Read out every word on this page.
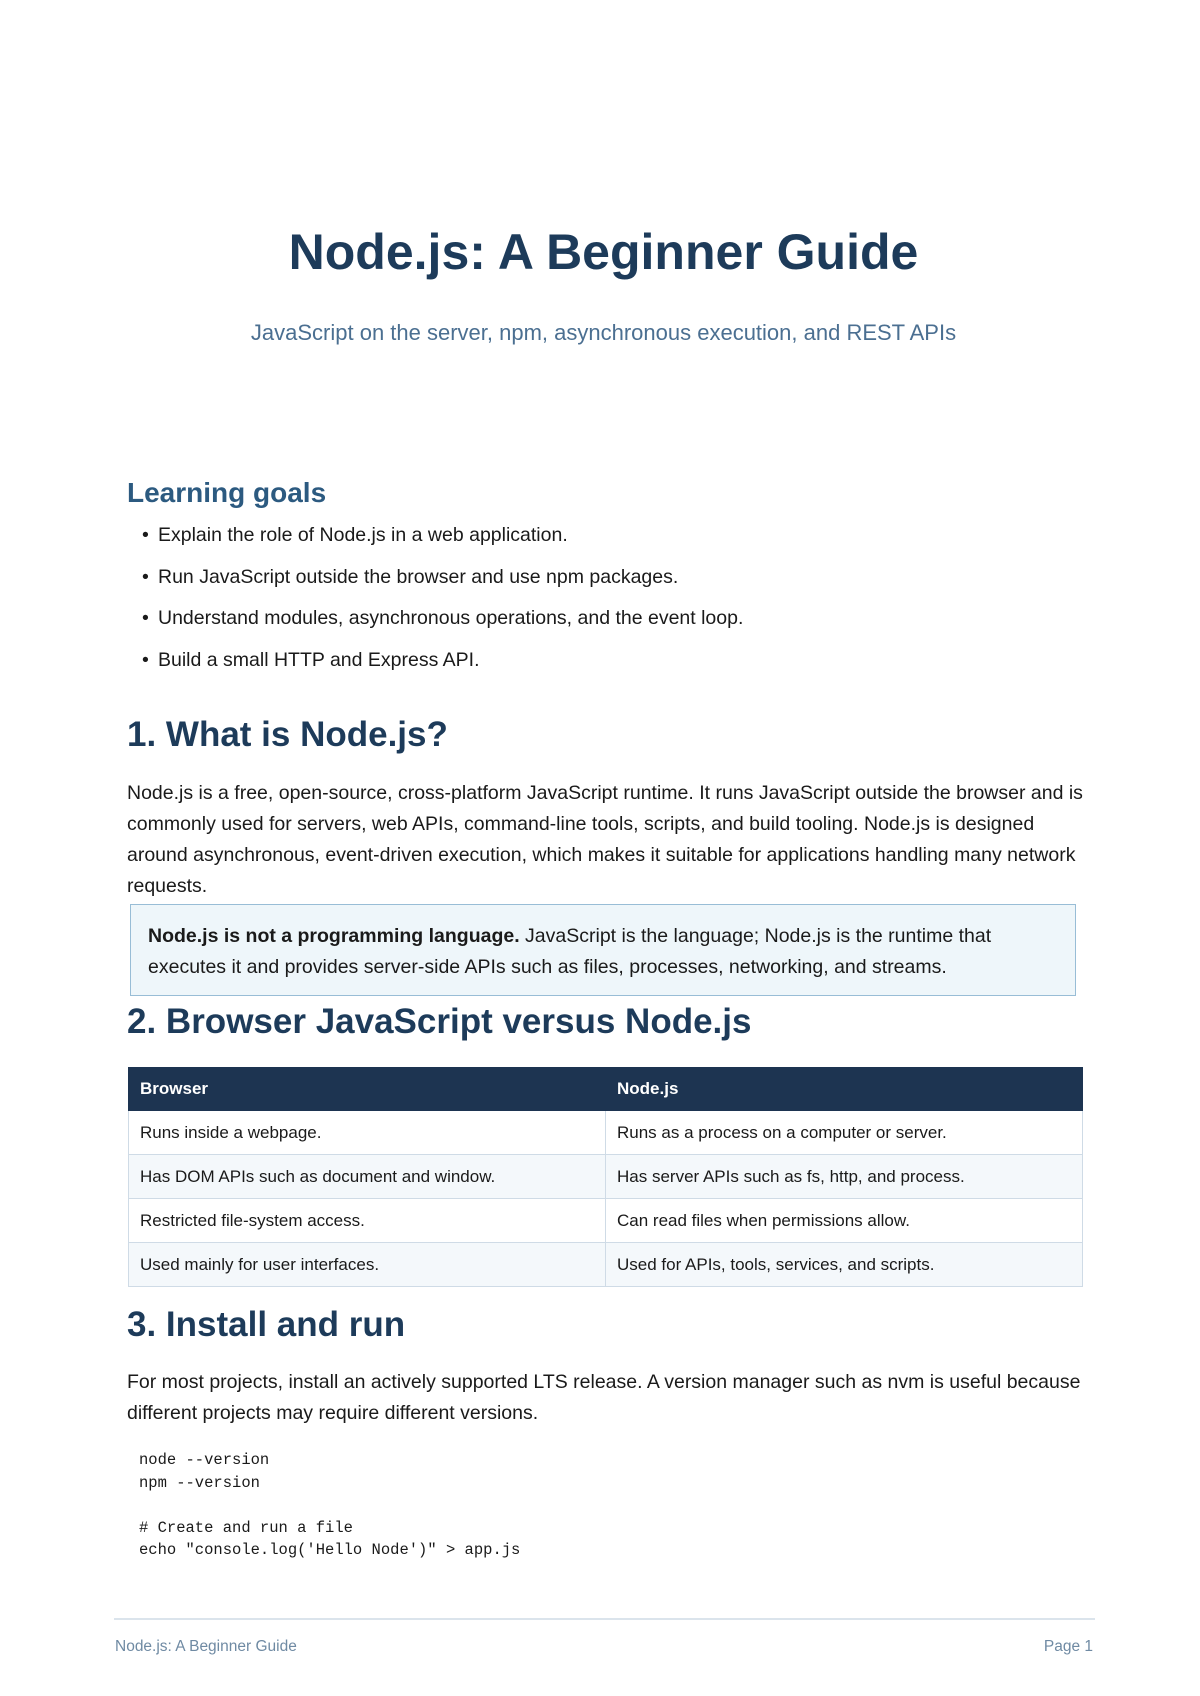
Node.js: A Beginner Guide

JavaScript on the server, npm, asynchronous execution, and REST APIs

Learning goals
• Explain the role of Node.js in a web application.
• Run JavaScript outside the browser and use npm packages.
• Understand modules, asynchronous operations, and the event loop.
• Build a small HTTP and Express API.
1. What is Node.js?

Node.js is a free, open-source, cross-platform JavaScript runtime. It runs JavaScript outside the browser and is commonly used for servers, web APIs, command-line tools, scripts, and build tooling. Node.js is designed around asynchronous, event-driven execution, which makes it suitable for applications handling many network requests.

Node.js is not a programming language. JavaScript is the language; Node.js is the runtime that executes it and provides server-side APIs such as files, processes, networking, and streams.
2. Browser JavaScript versus Node.js
Browser	Node.js
Runs inside a webpage.	Runs as a process on a computer or server.
Has DOM APIs such as document and window.	Has server APIs such as fs, http, and process.
Restricted file-system access.	Can read files when permissions allow.
Used mainly for user interfaces.	Used for APIs, tools, services, and scripts.
3. Install and run

For most projects, install an actively supported LTS release. A version manager such as nvm is useful because different projects may require different versions.

node --version
npm --version
# Create and run a file
echo "console.log('Hello Node')" > app.js
Node.js: A Beginner Guide	Page 1
